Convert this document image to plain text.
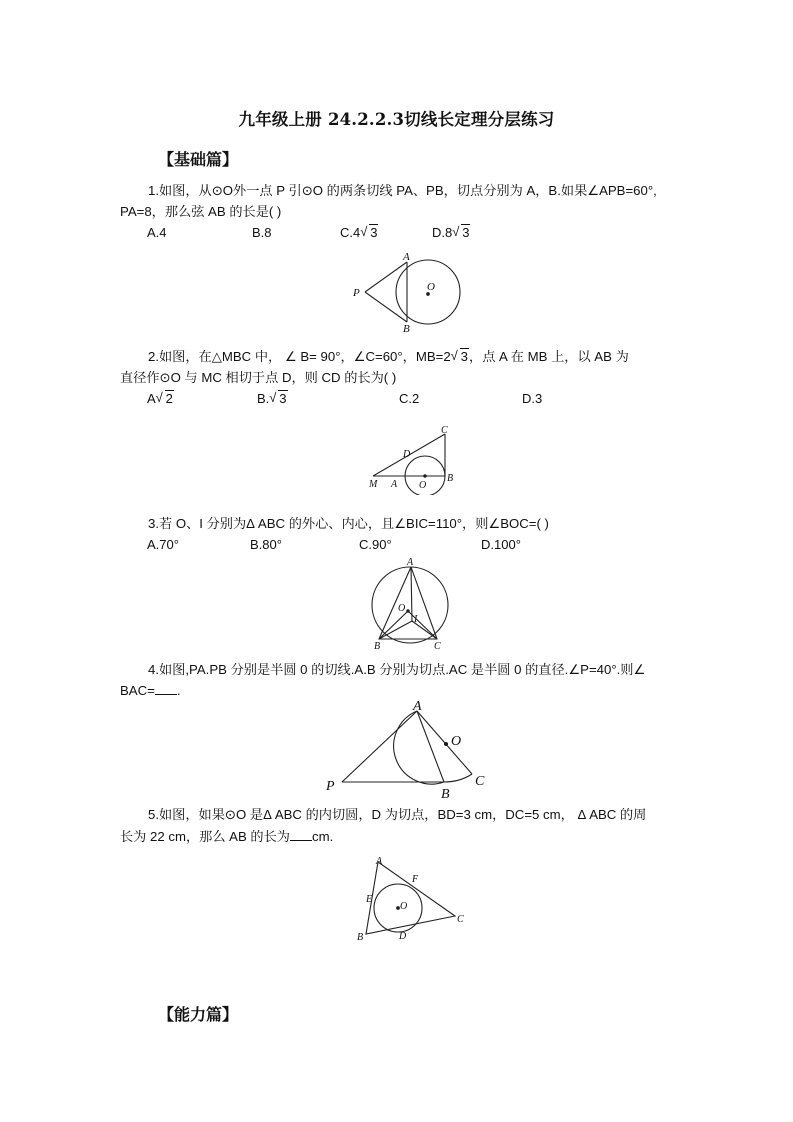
九年级上册 24.2.2.3切线长定理分层练习
【基础篇】
1.如图，从⊙O外一点 P 引⊙O 的两条切线 PA、PB，切点分别为 A，B.如果∠APB=60°,
PA=8，那么弦 AB 的长是( )
A.4	B.8	C.4 √ 3	D.8 √ 3
P
A
B
O
2.如图，在△MBC 中， ∠ B= 90°，∠C=60°，MB=2 √ 3，点 A 在 MB 上，以 AB 为
直径作⊙O 与 MC 相切于点 D，则 CD 的长为( )
A √ 2	B. √ 3	C.2	D.3
C
D
M A O
B
3.若 O、I 分别为Δ ABC 的外心、内心，且∠BIC=110°，则∠BOC=( )
A.70°	B.80°	C.90°	D.100°
A
O
I
B	C
4.如图,PA.PB 分别是半圆 0 的切线.A.B 分别为切点.AC 是半圆 0 的直径.∠P=40°.则∠
BAC= .
A
O
P
B
C
5.如图，如果⊙O 是Δ ABC 的内切圆，D 为切点，BD=3 cm，DC=5 cm， Δ ABC 的周
长为 22 cm，那么 AB 的长为 cm.
A
F
E
O
B	D
C
【能力篇】
